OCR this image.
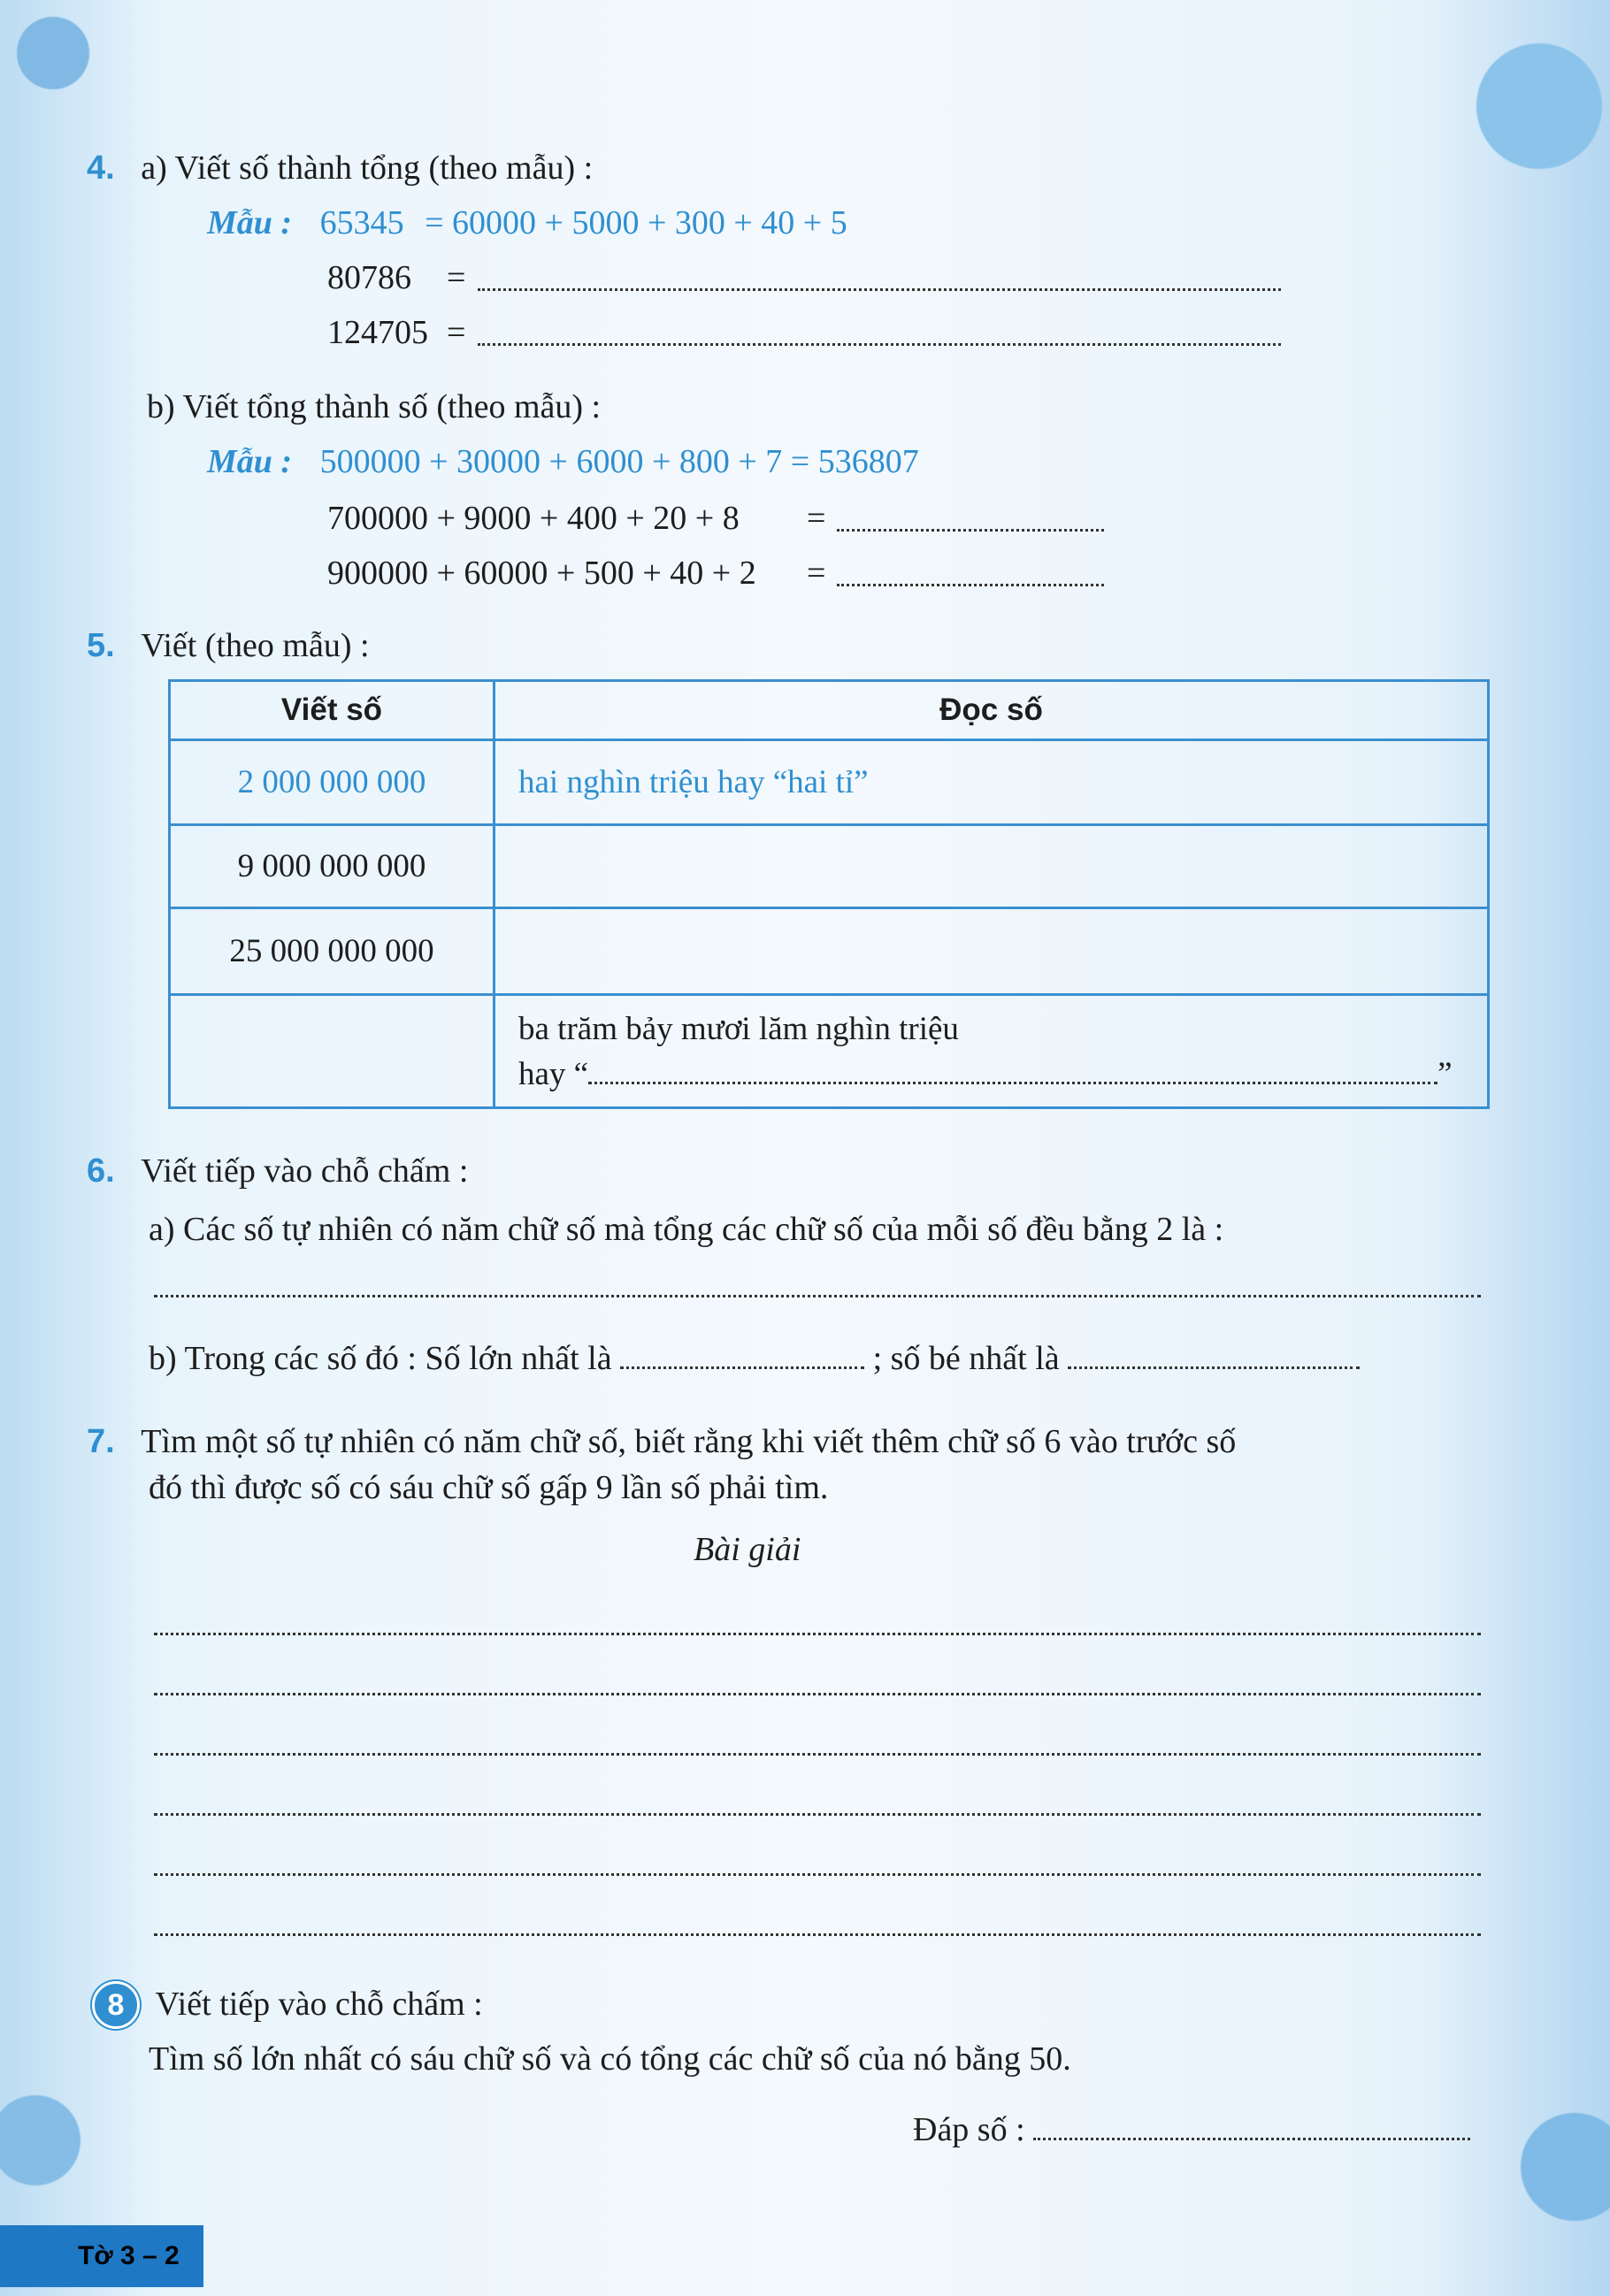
4. a) Viết số thành tổng (theo mẫu) :
Mẫu : 65345 = 60000 + 5000 + 300 + 40 + 5
80786 =
124705 =
b) Viết tổng thành số (theo mẫu) :
Mẫu : 500000 + 30000 + 6000 + 800 + 7 = 536807
700000 + 9000 + 400 + 20 + 8 =
900000 + 60000 + 500 + 40 + 2 =
5. Viết (theo mẫu) :
Viết số	Đọc số
2 000 000 000	hai nghìn triệu hay “hai tỉ”
9 000 000 000	
25 000 000 000	

	ba trăm bảy mươi lăm nghìn triệu
hay “ ”
6. Viết tiếp vào chỗ chấm :
a) Các số tự nhiên có năm chữ số mà tổng các chữ số của mỗi số đều bằng 2 là :
b) Trong các số đó : Số lớn nhất là	; số bé nhất là
7. Tìm một số tự nhiên có năm chữ số, biết rằng khi viết thêm chữ số 6 vào trước số
đó thì được số có sáu chữ số gấp 9 lần số phải tìm.
Bài giải
8 Viết tiếp vào chỗ chấm :
Tìm số lớn nhất có sáu chữ số và có tổng các chữ số của nó bằng 50.
Đáp số :
Tờ 3 – 2
